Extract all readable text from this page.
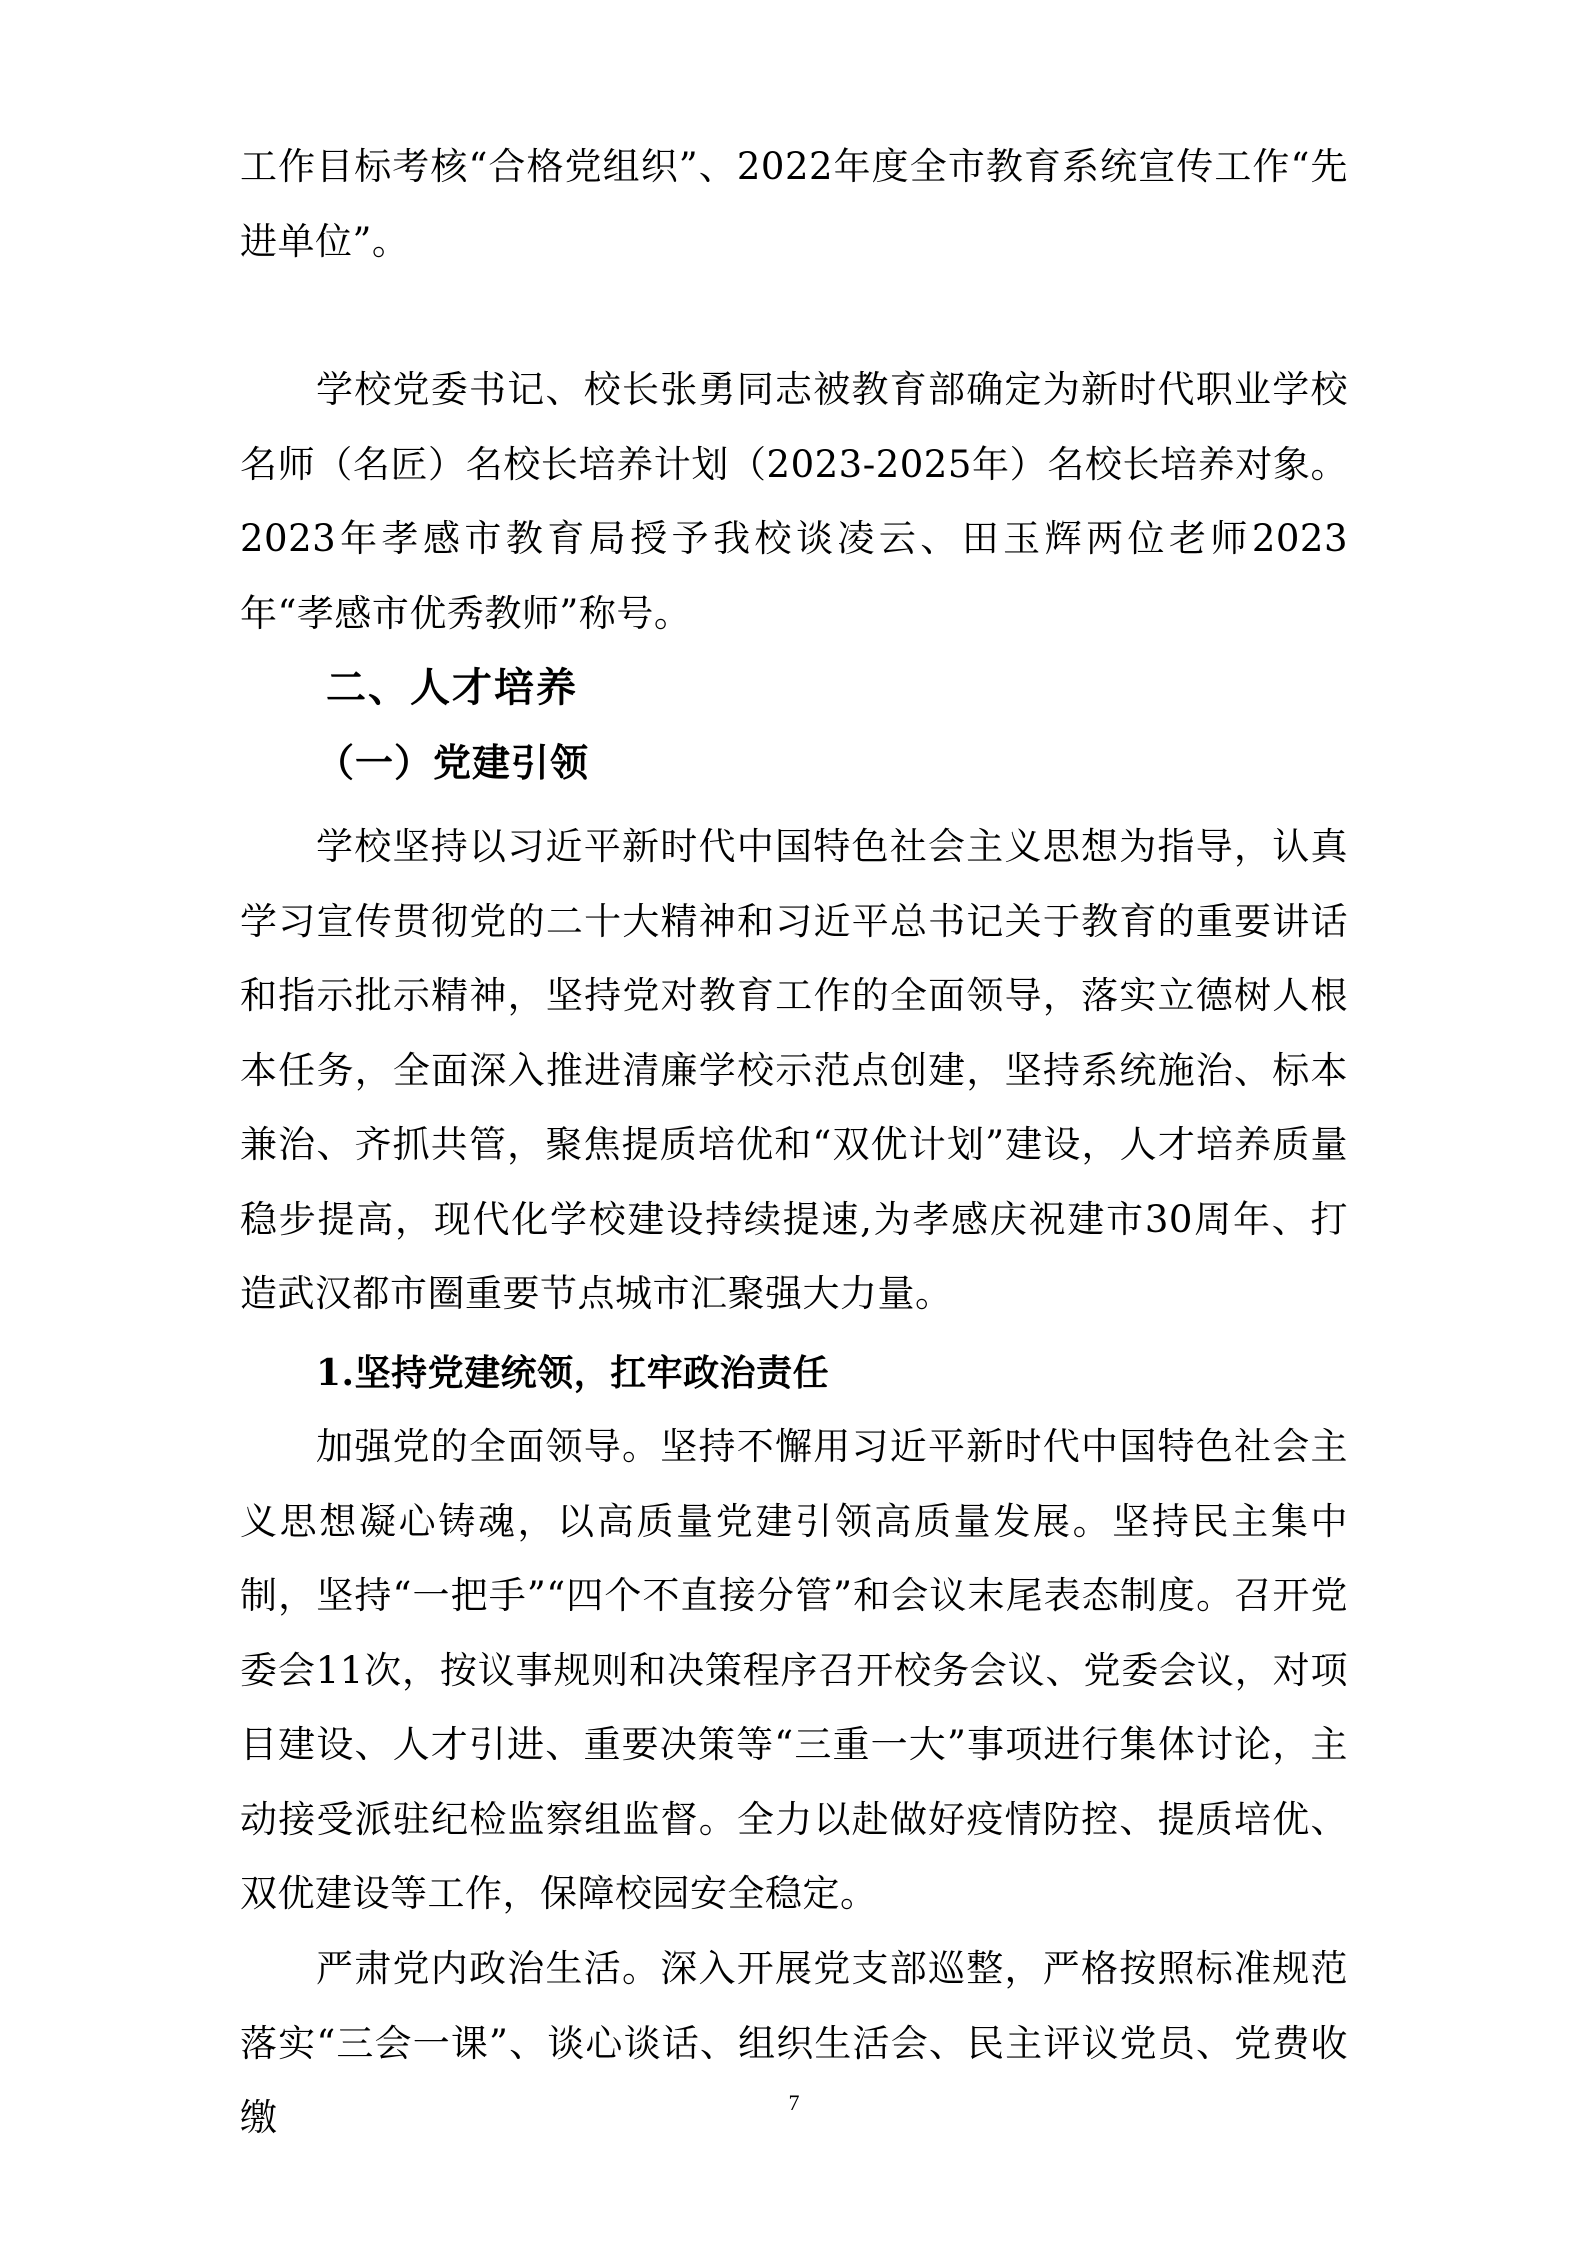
工作目标考核“合格党组织”、2022年度全市教育系统宣传工作“先进单位”。

学校党委书记、校长张勇同志被教育部确定为新时代职业学校名师（名匠）名校长培养计划（2023-2025年）名校长培养对象。2023年孝感市教育局授予我校谈凌云、田玉辉两位老师2023年“孝感市优秀教师”称号。

二、人才培养
（一）党建引领

学校坚持以习近平新时代中国特色社会主义思想为指导，认真学习宣传贯彻党的二十大精神和习近平总书记关于教育的重要讲话和指示批示精神，坚持党对教育工作的全面领导，落实立德树人根本任务，全面深入推进清廉学校示范点创建，坚持系统施治、标本兼治、齐抓共管，聚焦提质培优和“双优计划”建设，人才培养质量稳步提高，现代化学校建设持续提速,为孝感庆祝建市30周年、打造武汉都市圈重要节点城市汇聚强大力量。

1.坚持党建统领，扛牢政治责任

加强党的全面领导。坚持不懈用习近平新时代中国特色社会主义思想凝心铸魂，以高质量党建引领高质量发展。坚持民主集中制，坚持“一把手”“四个不直接分管”和会议末尾表态制度。召开党委会11次，按议事规则和决策程序召开校务会议、党委会议，对项目建设、人才引进、重要决策等“三重一大”事项进行集体讨论，主动接受派驻纪检监察组监督。全力以赴做好疫情防控、提质培优、双优建设等工作，保障校园安全稳定。

严肃党内政治生活。深入开展党支部巡整，严格按照标准规范落实“三会一课”、谈心谈话、组织生活会、民主评议党员、党费收缴	7
